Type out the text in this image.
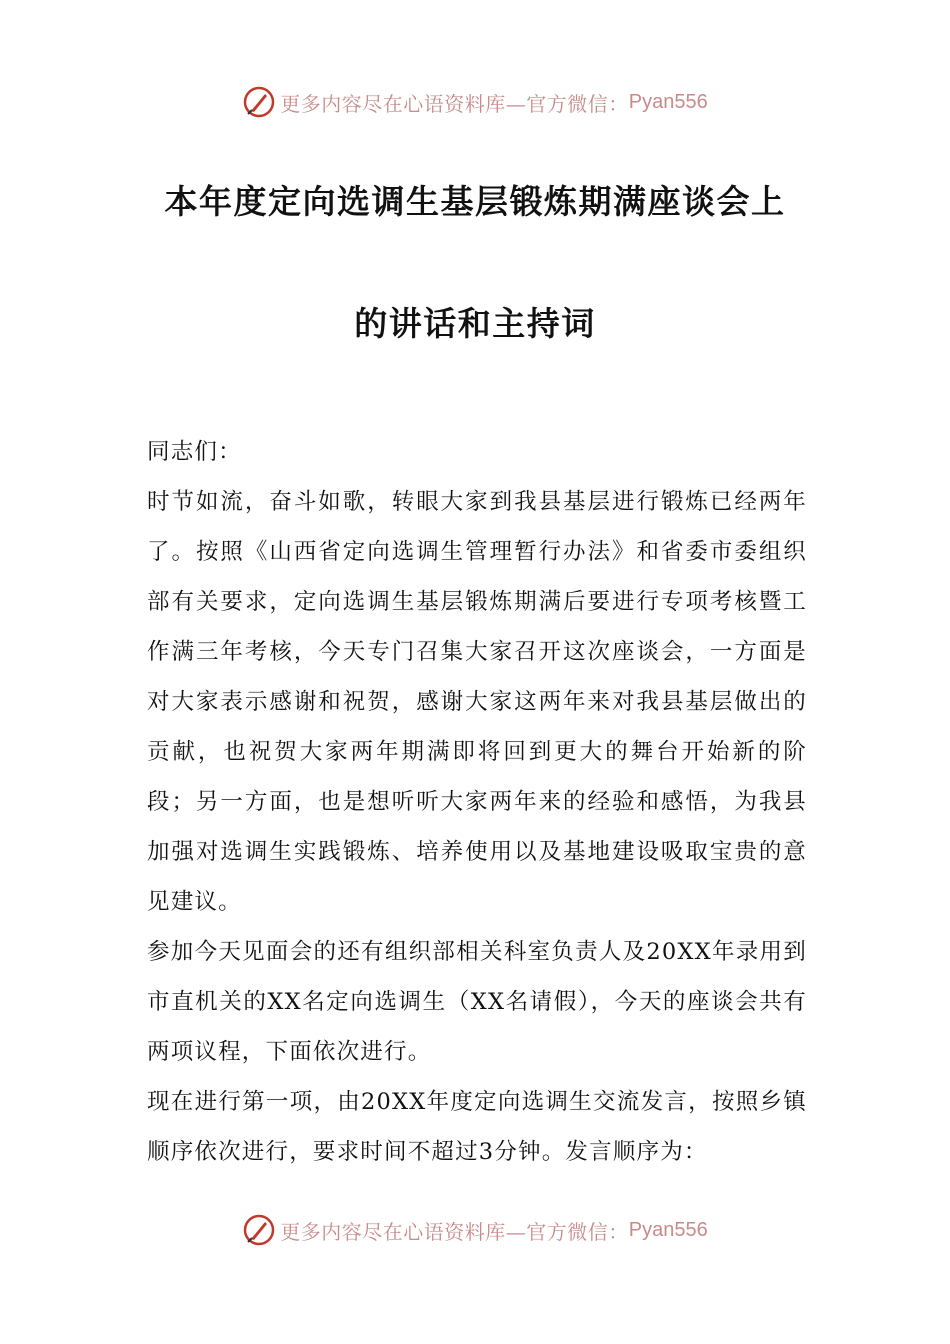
更多内容尽在心语资料库—官方微信： Pyan556
本年度定向选调生基层锻炼期满座谈会上
的讲话和主持词

同志们：

时节如流，奋斗如歌，转眼大家到我县基层进行锻炼已经两年了。按照《山西省定向选调生管理暂行办法》和省委市委组织部有关要求，定向选调生基层锻炼期满后要进行专项考核暨工作满三年考核，今天专门召集大家召开这次座谈会，一方面是对大家表示感谢和祝贺，感谢大家这两年来对我县基层做出的贡献，也祝贺大家两年期满即将回到更大的舞台开始新的阶段；另一方面，也是想听听大家两年来的经验和感悟，为我县加强对选调生实践锻炼、培养使用以及基地建设吸取宝贵的意见建议。

参加今天见面会的还有组织部相关科室负责人及20XX年录用到市直机关的XX名定向选调生（XX名请假），今天的座谈会共有两项议程，下面依次进行。

现在进行第一项，由20XX年度定向选调生交流发言，按照乡镇顺序依次进行，要求时间不超过3分钟。发言顺序为：

更多内容尽在心语资料库—官方微信： Pyan556
